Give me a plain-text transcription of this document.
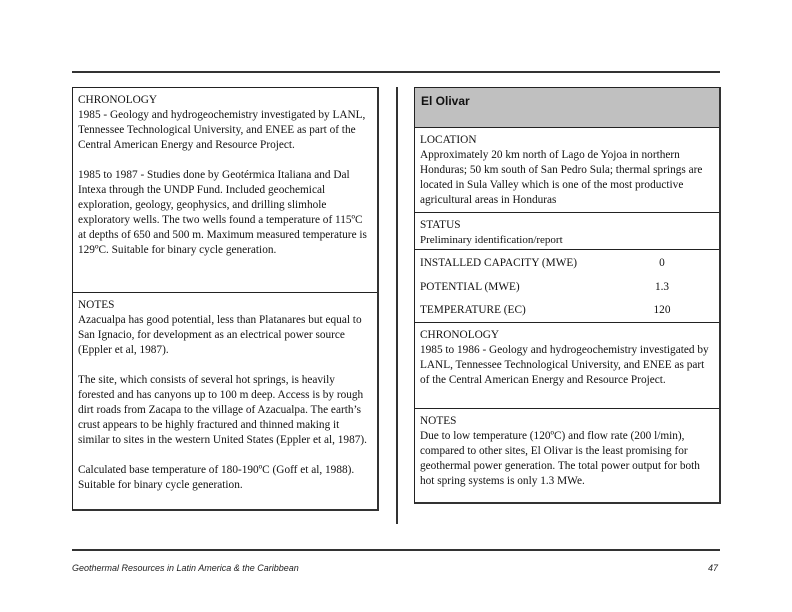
CHRONOLOGY
1985 - Geology and hydrogeochemistry investigated by LANL, Tennessee Technological University, and ENEE as part of the Central American Energy and Resource Project.
1985 to 1987 - Studies done by Geotérmica Italiana and Dal Intexa through the UNDP Fund. Included geochemical exploration, geology, geophysics, and drilling slimhole exploratory wells. The two wells found a temperature of 115ºC at depths of 650 and 500 m. Maximum measured temperature is 129ºC. Suitable for binary cycle generation.
NOTES
Azacualpa has good potential, less than Platanares but equal to San Ignacio, for development as an electrical power source (Eppler et al, 1987).
The site, which consists of several hot springs, is heavily forested and has canyons up to 100 m deep. Access is by rough dirt roads from Zacapa to the village of Azacualpa. The earth’s crust appears to be highly fractured and thinned making it similar to sites in the western United States (Eppler et al, 1987).
Calculated base temperature of 180-190ºC (Goff et al, 1988). Suitable for binary cycle generation.
El Olivar
LOCATION
Approximately 20 km north of Lago de Yojoa in northern Honduras; 50 km south of San Pedro Sula; thermal springs are located in Sula Valley which is one of the most productive agricultural areas in Honduras
STATUS
Preliminary identification/report
INSTALLED CAPACITY (MWE)	0
POTENTIAL (MWE)	1.3
TEMPERATURE (ЕC)	120
CHRONOLOGY
1985 to 1986 - Geology and hydrogeochemistry investigated by LANL, Tennessee Technological University, and ENEE as part of the Central American Energy and Resource Project.
NOTES
Due to low temperature (120ºC) and flow rate (200 l/min), compared to other sites, El Olivar is the least promising for geothermal power generation. The total power output for both hot spring systems is only 1.3 MWe.
Geothermal Resources in Latin America & the Caribbean	47
